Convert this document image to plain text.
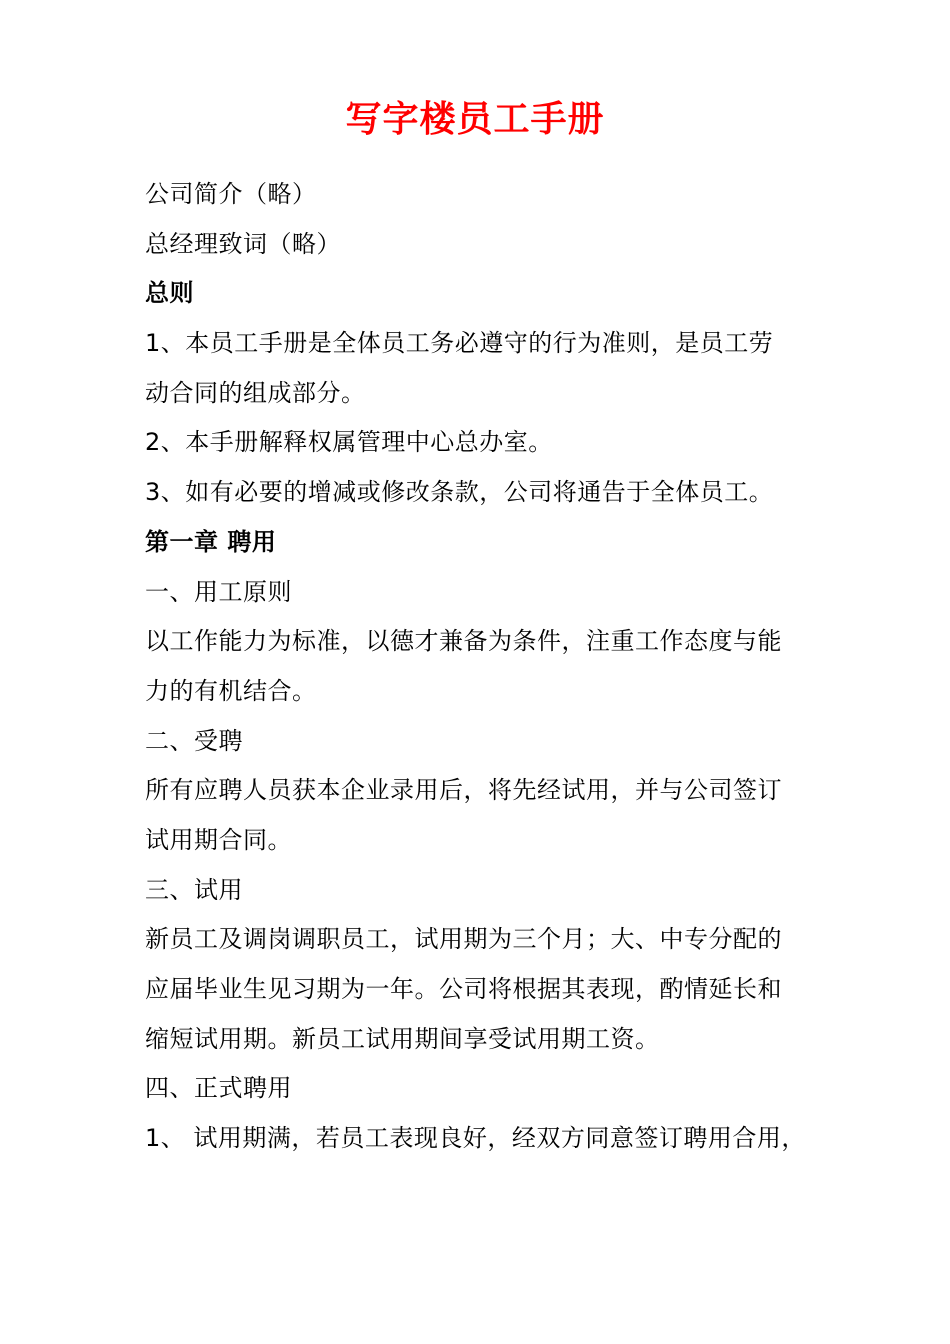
写字楼员工手册
公司简介（略）
总经理致词（略）
总则
1、本员工手册是全体员工务必遵守的行为准则，是员工劳
动合同的组成部分。
2、本手册解释权属管理中心总办室。
3、如有必要的增减或修改条款，公司将通告于全体员工。
第一章 聘用
一、用工原则
以工作能力为标准，以德才兼备为条件，注重工作态度与能
力的有机结合。
二、受聘
所有应聘人员获本企业录用后，将先经试用，并与公司签订
试用期合同。
三、试用
新员工及调岗调职员工，试用期为三个月；大、中专分配的
应届毕业生见习期为一年。公司将根据其表现，酌情延长和
缩短试用期。新员工试用期间享受试用期工资。
四、正式聘用
1、 试用期满，若员工表现良好，经双方同意签订聘用合用，
